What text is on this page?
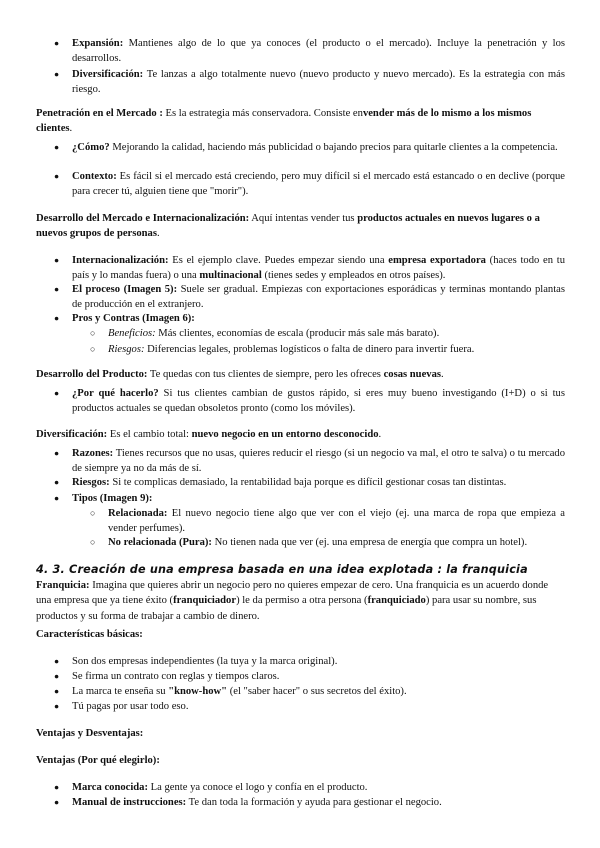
● Expansión: Mantienes algo de lo que ya conoces (el producto o el mercado). Incluye la penetración y los desarrollos.

● Diversificación: Te lanzas a algo totalmente nuevo (nuevo producto y nuevo mercado). Es la estrategia con más riesgo.

Penetración en el Mercado : Es la estrategia más conservadora. Consiste envender más de lo mismo a los mismos clientes.

● ¿Cómo? Mejorando la calidad, haciendo más publicidad o bajando precios para quitarle clientes a la competencia.

● Contexto: Es fácil si el mercado está creciendo, pero muy difícil si el mercado está estancado o en declive (porque para crecer tú, alguien tiene que "morir").

Desarrollo del Mercado e Internacionalización: Aquí intentas vender tus productos actuales en nuevos lugares o a nuevos grupos de personas.

● Internacionalización: Es el ejemplo clave. Puedes empezar siendo una empresa exportadora (haces todo en tu país y lo mandas fuera) o una multinacional (tienes sedes y empleados en otros países).

● El proceso (Imagen 5): Suele ser gradual. Empiezas con exportaciones esporádicas y terminas montando plantas de producción en el extranjero.

● Pros y Contras (Imagen 6):

○ Beneficios: Más clientes, economías de escala (producir más sale más barato).

○ Riesgos: Diferencias legales, problemas logísticos o falta de dinero para invertir fuera.

Desarrollo del Producto: Te quedas con tus clientes de siempre, pero les ofreces cosas nuevas.

● ¿Por qué hacerlo? Si tus clientes cambian de gustos rápido, si eres muy bueno investigando (I+D) o si tus productos actuales se quedan obsoletos pronto (como los móviles).

Diversificación: Es el cambio total: nuevo negocio en un entorno desconocido.

● Razones: Tienes recursos que no usas, quieres reducir el riesgo (si un negocio va mal, el otro te salva) o tu mercado de siempre ya no da más de sí.

● Riesgos: Si te complicas demasiado, la rentabilidad baja porque es difícil gestionar cosas tan distintas.

● Tipos (Imagen 9):

○ Relacionada: El nuevo negocio tiene algo que ver con el viejo (ej. una marca de ropa que empieza a vender perfumes).

○ No relacionada (Pura): No tienen nada que ver (ej. una empresa de energía que compra un hotel).

4. 3. Creación de una empresa basada en una idea explotada : la franquicia

Franquicia: Imagina que quieres abrir un negocio pero no quieres empezar de cero. Una franquicia es un acuerdo donde una empresa que ya tiene éxito (franquiciador) le da permiso a otra persona (franquiciado) para usar su nombre, sus productos y su forma de trabajar a cambio de dinero.

Características básicas:

● Son dos empresas independientes (la tuya y la marca original).

● Se firma un contrato con reglas y tiempos claros.

● La marca te enseña su "know-how" (el "saber hacer" o sus secretos del éxito).

● Tú pagas por usar todo eso.

Ventajas y Desventajas:

Ventajas (Por qué elegirlo):

● Marca conocida: La gente ya conoce el logo y confía en el producto.

● Manual de instrucciones: Te dan toda la formación y ayuda para gestionar el negocio.
